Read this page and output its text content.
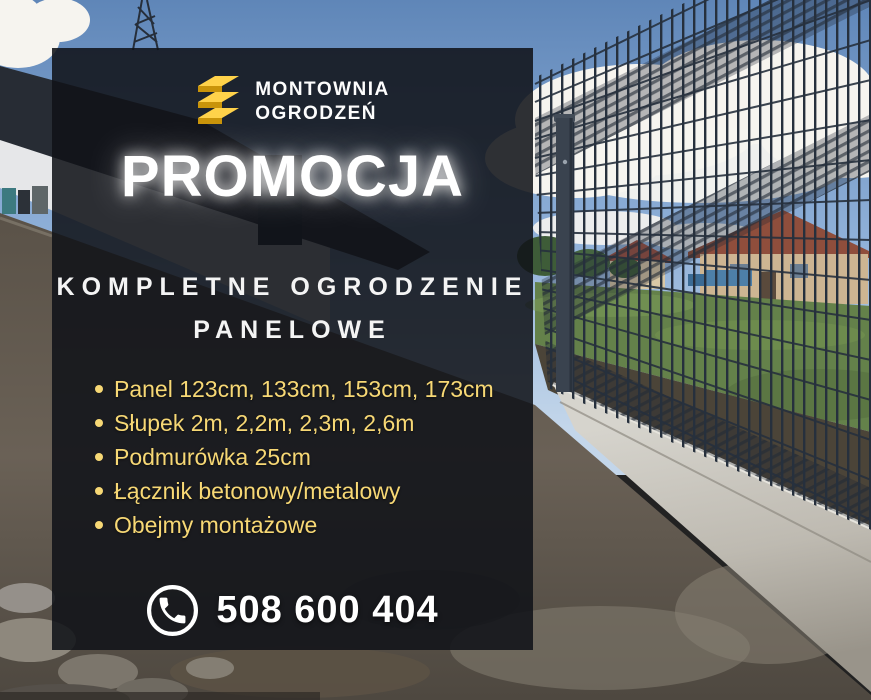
MONTOWNIA
OGRODZEŃ
PROMOCJA
KOMPLETNE OGRODZENIE
PANELOWE
Panel 123cm, 133cm, 153cm, 173cm
Słupek 2m, 2,2m, 2,3m, 2,6m
Podmurówka 25cm
Łącznik betonowy/metalowy
Obejmy montażowe
508 600 404
